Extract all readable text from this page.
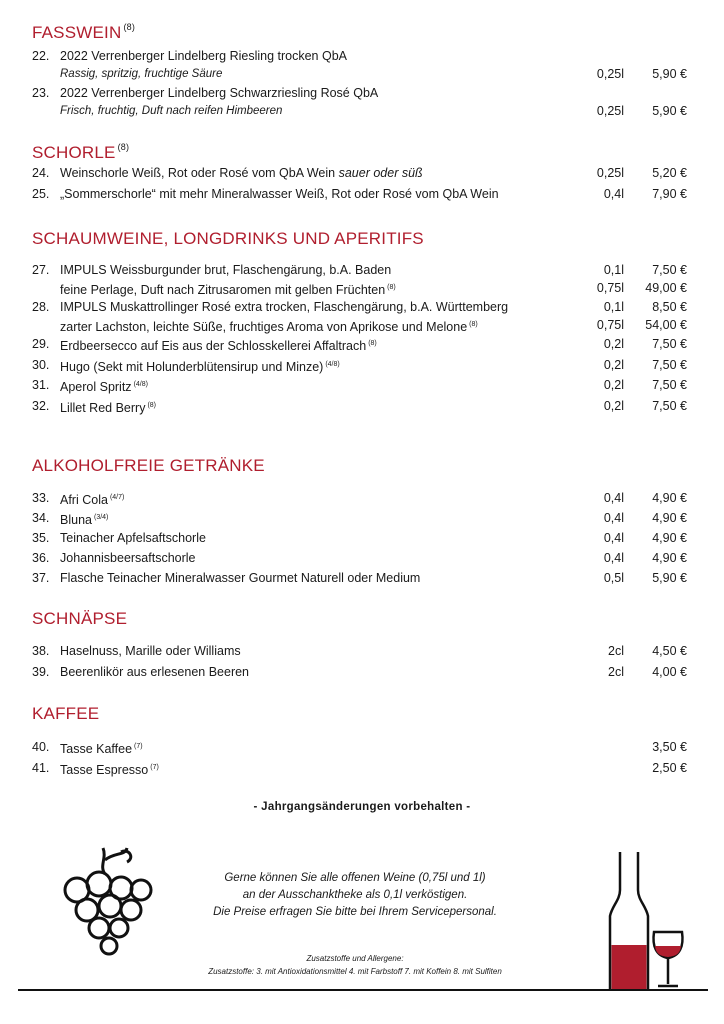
FASSWEIN $^{(8)}$
22. 2022 Verrenberger Lindelberg Riesling trocken QbA
Rassig, spritzig, fruchtige Säure	0,25l 5,90 €
23. 2022 Verrenberger Lindelberg Schwarzriesling Rosé QbA
Frisch, fruchtig, Duft nach reifen Himbeeren	0,25l 5,90 €
SCHORLE $^{(8)}$
24. Weinschorle Weiß, Rot oder Rosé vom QbA Wein sauer oder süß	0,25l 5,20 €
25. „Sommerschorle“ mit mehr Mineralwasser Weiß, Rot oder Rosé vom QbA Wein	0,4l 7,90 €
SCHAUMWEINE, LONGDRINKS UND APERITIFS
27. IMPULS Weissburgunder brut, Flaschengärung, b.A. Baden	0,1l 7,50 €
feine Perlage, Duft nach Zitrusaromen mit gelben Früchten $^{(8)}$	0,75l 49,00 €
28. IMPULS Muskattrollinger Rosé extra trocken, Flaschengärung, b.A. Württemberg	0,1l 8,50 €
zarter Lachston, leichte Süße, fruchtiges Aroma von Aprikose und Melone $^{(8)}$	0,75l 54,00 €
29. Erdbeersecco auf Eis aus der Schlosskellerei Affaltrach $^{(8)}$	0,2l 7,50 €
30. Hugo (Sekt mit Holunderblütensirup und Minze) $^{(4/8)}$	0,2l 7,50 €
31. Aperol Spritz $^{(4/8)}$	0,2l 7,50 €
32. Lillet Red Berry $^{(8)}$	0,2l 7,50 €
ALKOHOLFREIE GETRÄNKE
33. Afri Cola $^{(4/7)}$	0,4l 4,90 €
34. Bluna $^{(3/4)}$	0,4l 4,90 €
35. Teinacher Apfelsaftschorle	0,4l 4,90 €
36. Johannisbeersaftschorle	0,4l 4,90 €
37. Flasche Teinacher Mineralwasser Gourmet Naturell oder Medium	0,5l 5,90 €
SCHNÄPSE
38. Haselnuss, Marille oder Williams	2cl 4,50 €
39. Beerenlikör aus erlesenen Beeren	2cl 4,00 €
KAFFEE
40. Tasse Kaffee $^{(7)}$	3,50 €
41. Tasse Espresso $^{(7)}$	2,50 €
- Jahrgangsänderungen vorbehalten -
Gerne können Sie alle offenen Weine (0,75l und 1l)
an der Ausschanktheke als 0,1l verköstigen.
Die Preise erfragen Sie bitte bei Ihrem Servicepersonal.
Zusatzstoffe und Allergene:
Zusatzstoffe: 3. mit Antioxidationsmittel 4. mit Farbstoff 7. mit Koffein 8. mit Sulfiten
